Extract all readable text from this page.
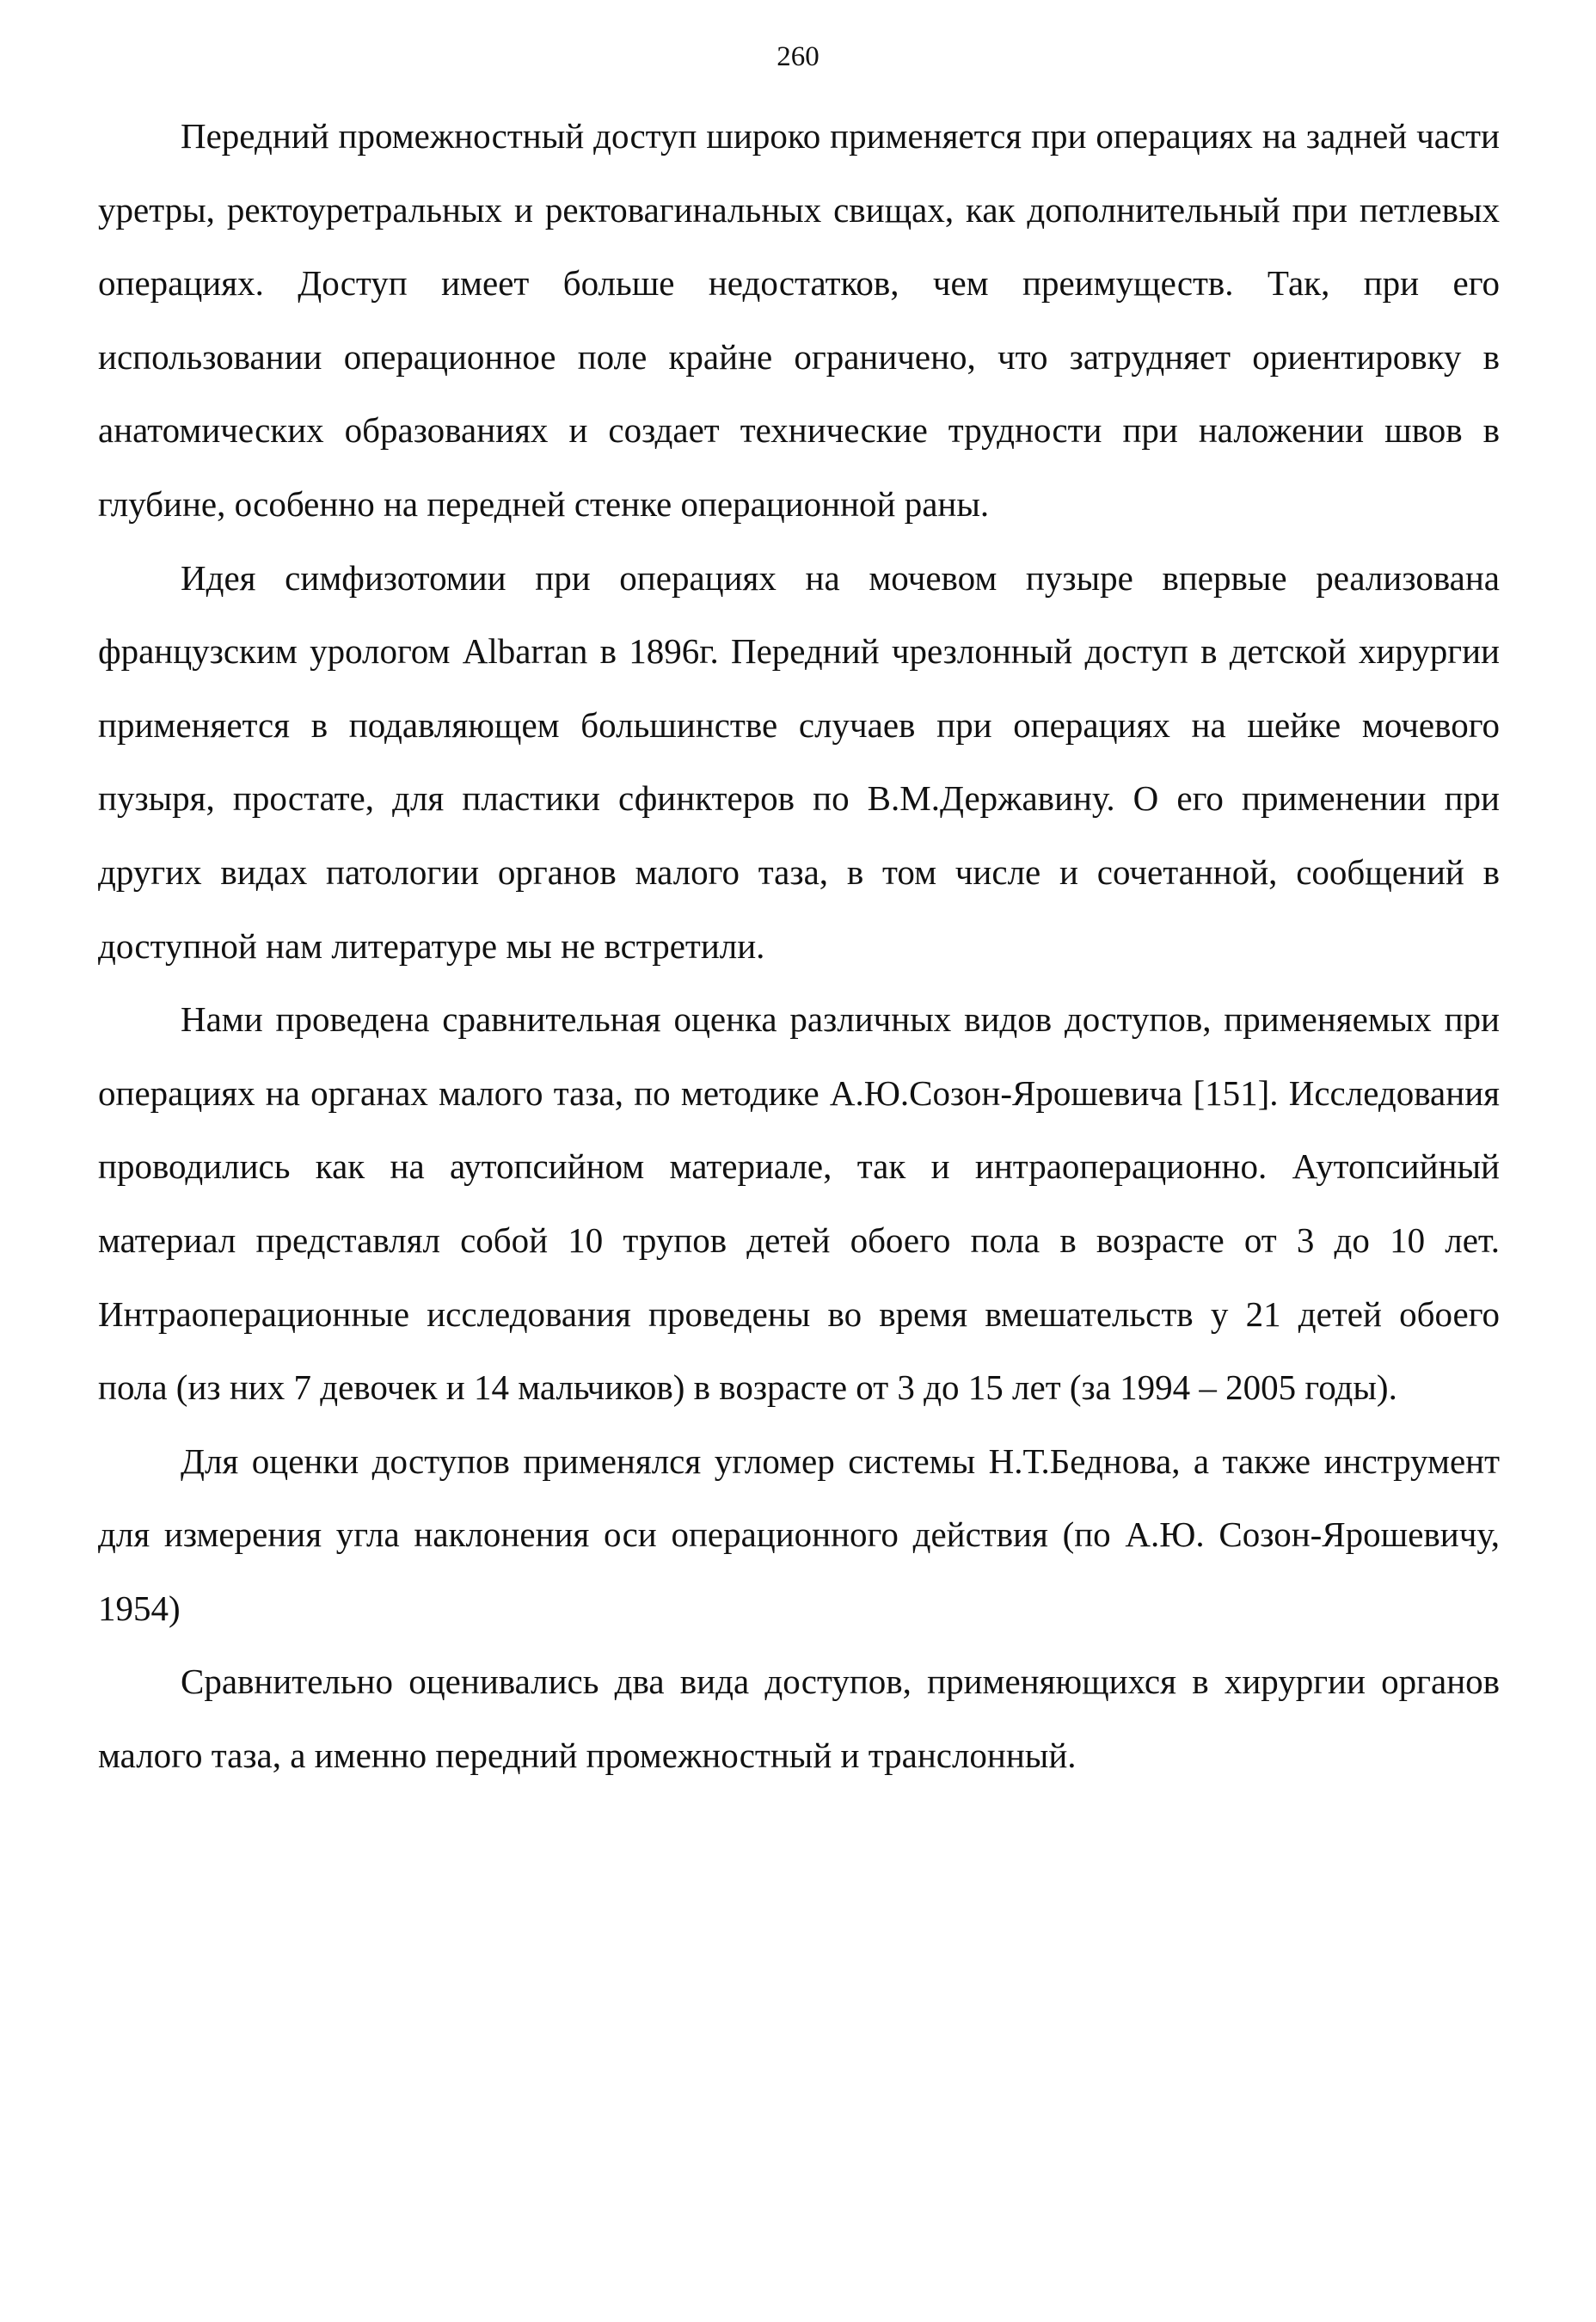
260

Передний промежностный доступ широко применяется при операциях на задней части уретры, ректоуретральных и ректовагинальных свищах, как дополнительный при петлевых операциях. Доступ имеет больше недостатков, чем преимуществ. Так, при его использовании операционное поле крайне ограничено, что затрудняет ориентировку в анатомических образованиях и создает технические трудности при наложении швов в глубине, особенно на передней стенке операционной раны.

Идея симфизотомии при операциях на мочевом пузыре впервые реализована французским урологом Albarran в 1896г. Передний чрезлонный доступ в детской хирургии применяется в подавляющем большинстве случаев при операциях на шейке мочевого пузыря, простате, для пластики сфинктеров по В.М.Державину. О его применении при других видах патологии органов малого таза, в том числе и сочетанной, сообщений в доступной нам литературе мы не встретили.

Нами проведена сравнительная оценка различных видов доступов, применяемых при операциях на органах малого таза, по методике А.Ю.Созон-Ярошевича [151]. Исследования проводились как на аутопсийном материале, так и интраоперационно. Аутопсийный материал представлял собой 10 трупов детей обоего пола в возрасте от 3 до 10 лет. Интраоперационные исследования проведены во время вмешательств у 21 детей обоего пола (из них 7 девочек и 14 мальчиков) в возрасте от 3 до 15 лет (за 1994 – 2005 годы).

Для оценки доступов применялся угломер системы Н.Т.Беднова, а также инструмент для измерения угла наклонения оси операционного действия (по А.Ю. Созон-Ярошевичу, 1954)

Сравнительно оценивались два вида доступов, применяющихся в хирургии органов малого таза, а именно передний промежностный и транслонный.
